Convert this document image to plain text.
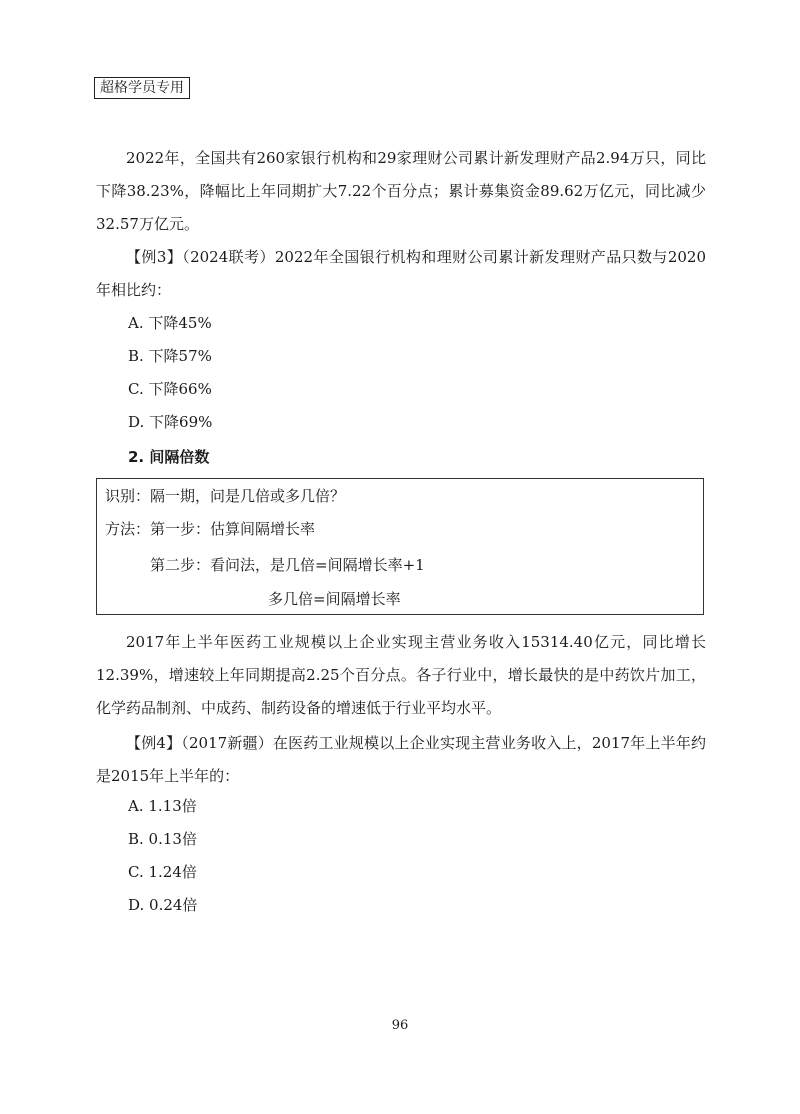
超格学员专用

2022年，全国共有260家银行机构和29家理财公司累计新发理财产品2.94万只，同比下降38.23%，降幅比上年同期扩大7.22个百分点；累计募集资金89.62万亿元，同比减少32.57万亿元。

【例3】（2024联考）2022年全国银行机构和理财公司累计新发理财产品只数与2020年相比约：

A. 下降45%
B. 下降57%
C. 下降66%
D. 下降69%
2. 间隔倍数
识别：隔一期，问是几倍或多几倍？
方法：第一步：估算间隔增长率
第二步：看问法，是几倍=间隔增长率+1
多几倍=间隔增长率

2017年上半年医药工业规模以上企业实现主营业务收入15314.40亿元，同比增长12.39%，增速较上年同期提高2.25个百分点。各子行业中，增长最快的是中药饮片加工，化学药品制剂、中成药、制药设备的增速低于行业平均水平。

【例4】（2017新疆）在医药工业规模以上企业实现主营业务收入上，2017年上半年约是2015年上半年的：

A. 1.13倍
B. 0.13倍
C. 1.24倍
D. 0.24倍
96
